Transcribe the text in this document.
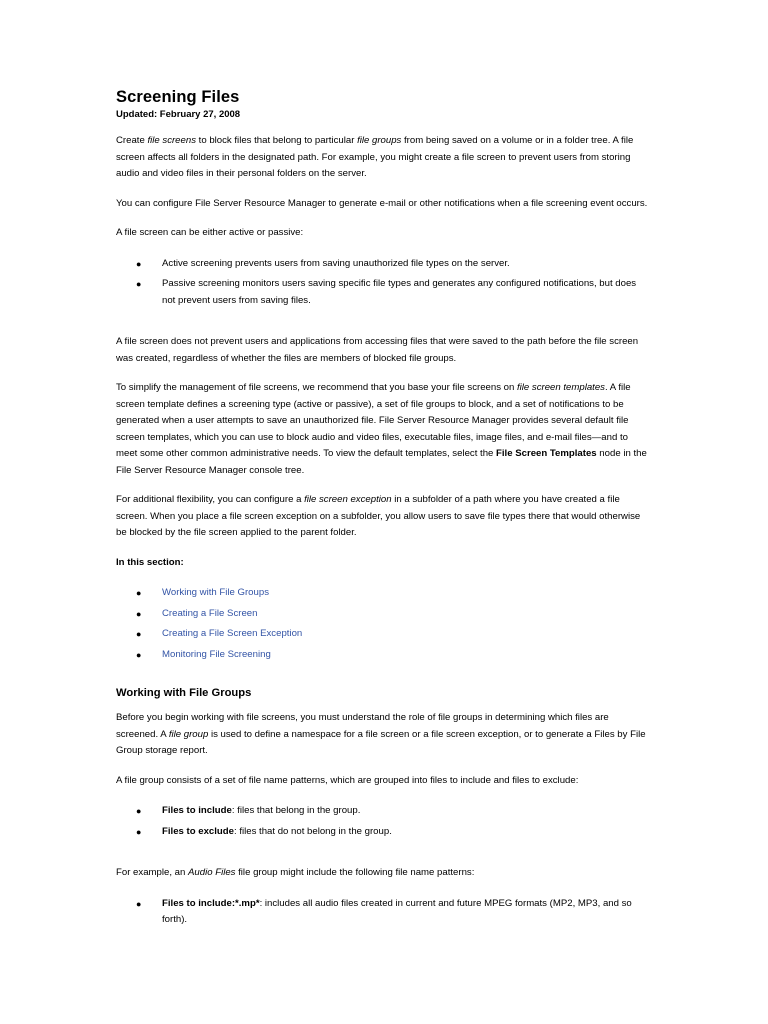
Screening Files
Updated: February 27, 2008

Create file screens to block files that belong to particular file groups from being saved on a volume or in a folder tree. A file screen affects all folders in the designated path. For example, you might create a file screen to prevent users from storing audio and video files in their personal folders on the server.

You can configure File Server Resource Manager to generate e-mail or other notifications when a file screening event occurs.

A file screen can be either active or passive:

● Active screening prevents users from saving unauthorized file types on the server.
● Passive screening monitors users saving specific file types and generates any configured notifications, but does not prevent users from saving files.

A file screen does not prevent users and applications from accessing files that were saved to the path before the file screen was created, regardless of whether the files are members of blocked file groups.

To simplify the management of file screens, we recommend that you base your file screens on file screen templates. A file screen template defines a screening type (active or passive), a set of file groups to block, and a set of notifications to be generated when a user attempts to save an unauthorized file. File Server Resource Manager provides several default file screen templates, which you can use to block audio and video files, executable files, image files, and e-mail files—and to meet some other common administrative needs. To view the default templates, select the File Screen Templates node in the File Server Resource Manager console tree.

For additional flexibility, you can configure a file screen exception in a subfolder of a path where you have created a file screen. When you place a file screen exception on a subfolder, you allow users to save file types there that would otherwise be blocked by the file screen applied to the parent folder.

In this section:
● Working with File Groups
● Creating a File Screen
● Creating a File Screen Exception
● Monitoring File Screening
Working with File Groups

Before you begin working with file screens, you must understand the role of file groups in determining which files are screened. A file group is used to define a namespace for a file screen or a file screen exception, or to generate a Files by File Group storage report.

A file group consists of a set of file name patterns, which are grouped into files to include and files to exclude:

● Files to include: files that belong in the group.
● Files to exclude: files that do not belong in the group.

For example, an Audio Files file group might include the following file name patterns:

● Files to include:*.mp*: includes all audio files created in current and future MPEG formats (MP2, MP3, and so forth).
